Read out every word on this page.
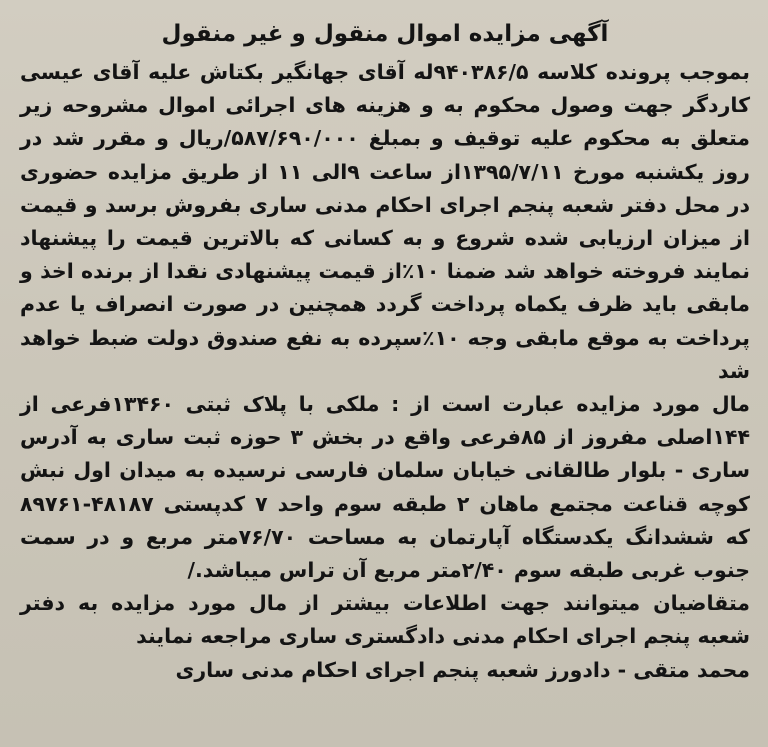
آگهی مزایده اموال منقول و غیر منقول

بموجب پرونده کلاسه ۹۴۰۳۸۶/۵له آقای جهانگیر بکتاش علیه آقای عیسی کاردگر جهت وصول محکوم به و هزینه های اجرائی اموال مشروحه زیر متعلق به محکوم علیه توقیف و بمبلغ ۵۸۷/۶۹۰/۰۰۰/ریال و مقرر شد در روز یکشنبه مورخ ۱۳۹۵/۷/۱۱از ساعت ۹الی ۱۱ از طریق مزایده حضوری در محل دفتر شعبه پنجم اجرای احکام مدنی ساری بفروش برسد و قیمت از میزان ارزیابی شده شروع و به کسانی که بالاترین قیمت را پیشنهاد نمایند فروخته خواهد شد ضمنا ۱۰٪از قیمت پیشنهادی نقدا از برنده اخذ و مابقی باید ظرف یکماه پرداخت گردد همچنین در صورت انصراف یا عدم پرداخت به موقع مابقی وجه ۱۰٪سپرده به نفع صندوق دولت ضبط خواهد شد

مال مورد مزایده عبارت است از : ملکی با پلاک ثبتی ۱۳۴۶۰فرعی از ۱۴۴اصلی مفروز از ۸۵فرعی واقع در بخش ۳ حوزه ثبت ساری به آدرس ساری - بلوار طالقانی خیابان سلمان فارسی نرسیده به میدان اول نبش کوچه قناعت مجتمع ماهان ۲ طبقه سوم واحد ۷ کدپستی ۴۸۱۸۷-۸۹۷۶۱ که ششدانگ یکدستگاه آپارتمان به مساحت ۷۶/۷۰متر مربع و در سمت جنوب غربی طبقه سوم ۲/۴۰متر مربع آن تراس میباشد./

متقاضیان میتوانند جهت اطلاعات بیشتر از مال مورد مزایده به دفتر شعبه پنجم اجرای احکام مدنی دادگستری ساری مراجعه نمایند

محمد متقی - دادورز شعبه پنجم اجرای احکام مدنی ساری
